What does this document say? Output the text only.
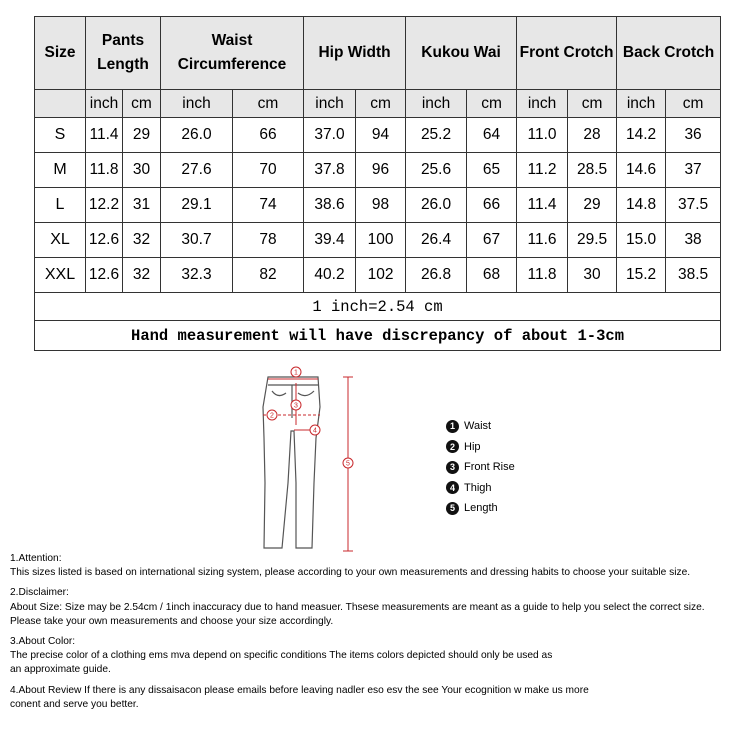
Size	Pants Length		Waist Circumference		Hip Width		Kukou Wai		Front Crotch		Back Crotch	
	inch	cm	inch	cm	inch	cm	inch	cm	inch	cm	inch	cm
S	11.4	29	26.0	66	37.0	94	25.2	64	11.0	28	14.2	36
M	11.8	30	27.6	70	37.8	96	25.6	65	11.2	28.5	14.6	37
L	12.2	31	29.1	74	38.6	98	26.0	66	11.4	29	14.8	37.5
XL	12.6	32	30.7	78	39.4	100	26.4	67	11.6	29.5	15.0	38
XXL	12.6	32	32.3	82	40.2	102	26.8	68	11.8	30	15.2	38.5
1 inch=2.54 cm												
Hand measurement will have discrepancy of about 1-3cm												
1
2
3
4
5
1 Waist
2 Hip
3 Front Rise
4 Thigh
5 Length

1.Attention:
This sizes listed is based on international sizing system, please according to your own measurements and dressing habits to choose your suitable size.

2.Disclaimer:
About Size: Size may be 2.54cm / 1inch inaccuracy due to hand measuer. Thsese measurements are meant as a guide to help you select the correct size.
Please take your own measurements and choose your size accordingly.

3.About Color:
The precise color of a clothing ems mva depend on specific conditions The items colors depicted should only be used as
an approximate guide.

4.About Review If there is any dissaisacon please emails before leaving nadler eso esv the see Your ecognition w make us more
conent and serve you better.
